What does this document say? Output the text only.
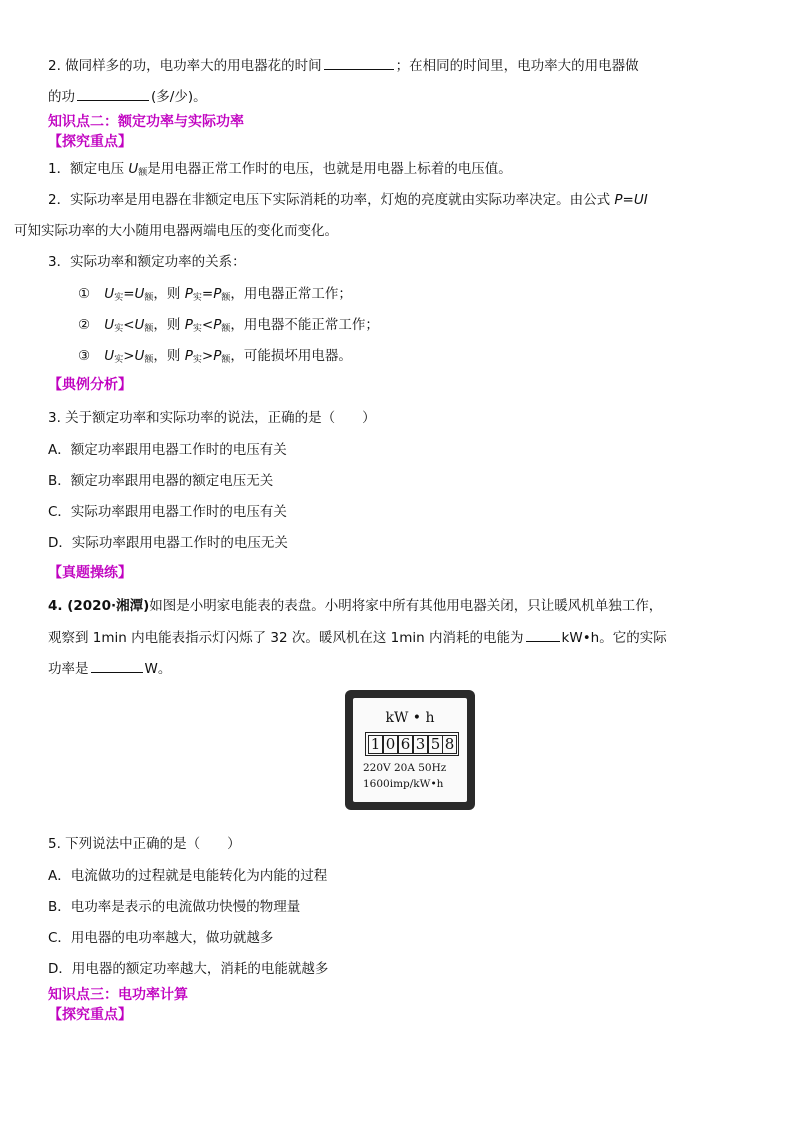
2. 做同样多的功，电功率大的用电器花的时间	；在相同的时间里，电功率大的用电器做
的功	(多/少)。
知识点二：额定功率与实际功率
【探究重点】
1．额定电压 $U_额$是用电器正常工作时的电压，也就是用电器上标着的电压值。
2．实际功率是用电器在非额定电压下实际消耗的功率，灯炮的亮度就由实际功率决定。由公式 P=UI
可知实际功率的大小随用电器两端电压的变化而变化。
3．实际功率和额定功率的关系：
① $U_实=U_额$，则 $P_实=P_额$，用电器正常工作；
② $U_实<U_额$，则 $P_实<P_额$，用电器不能正常工作；
③ $U_实>U_额$，则 $P_实>P_额$，可能损坏用电器。
【典例分析】
3. 关于额定功率和实际功率的说法，正确的是（　　）
A．额定功率跟用电器工作时的电压有关
B．额定功率跟用电器的额定电压无关
C．实际功率跟用电器工作时的电压有关
D．实际功率跟用电器工作时的电压无关
【真题操练】
4. (2020·湘潭)如图是小明家电能表的表盘。小明将家中所有其他用电器关闭，只让暖风机单独工作，
观察到 1min 内电能表指示灯闪烁了 32 次。暖风机在这 1min 内消耗的电能为	kW•h。它的实际
功率是	W。
kW • h
1 0 6 3 5 8
220V 20A 50Hz
1600imp/kW•h
5. 下列说法中正确的是（　　）
A．电流做功的过程就是电能转化为内能的过程
B．电功率是表示的电流做功快慢的物理量
C．用电器的电功率越大，做功就越多
D．用电器的额定功率越大，消耗的电能就越多
知识点三：电功率计算
【探究重点】
